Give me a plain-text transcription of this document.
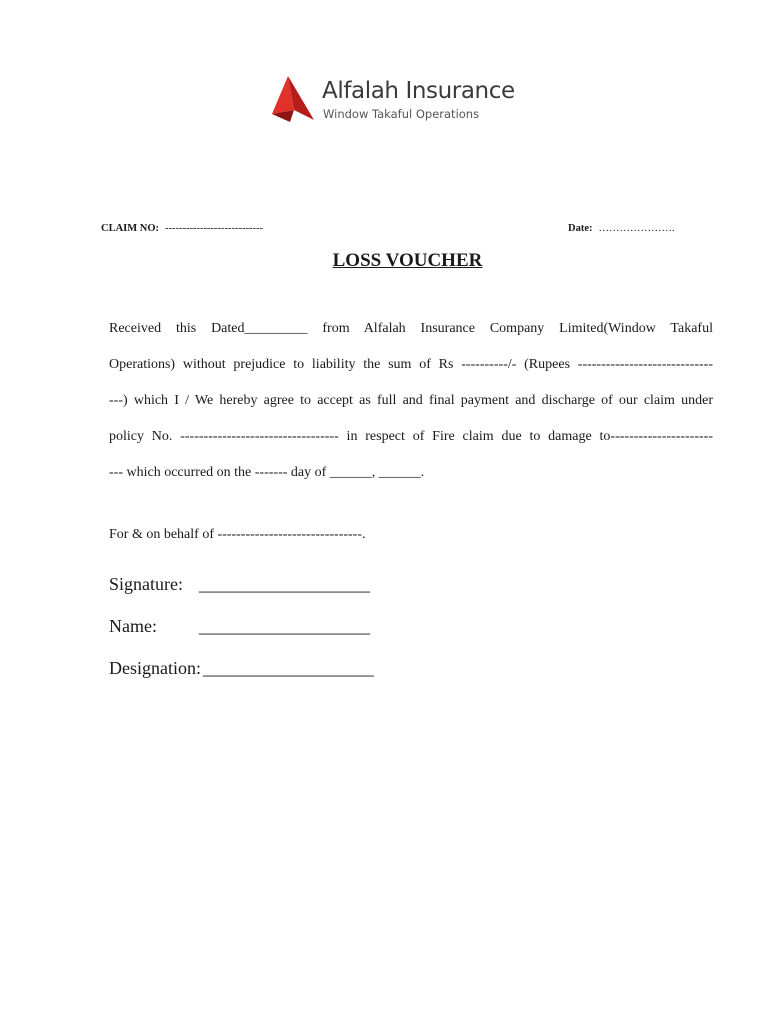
Alfalah Insurance
Window Takaful Operations
CLAIM NO: ----------------------------	Date: ………………….
LOSS VOUCHER
Received this Dated_________ from Alfalah Insurance Company Limited(Window Takaful
Operations) without prejudice to liability the sum of Rs ----------/- (Rupees -----------------------------
---) which I / We hereby agree to accept as full and final payment and discharge of our claim under
policy No. ---------------------------------- in respect of Fire claim due to damage to----------------------
--- which occurred on the ------- day of ______, ______.
For & on behalf of -------------------------------.
Signature: ___________________
Name: ___________________
Designation: ___________________
